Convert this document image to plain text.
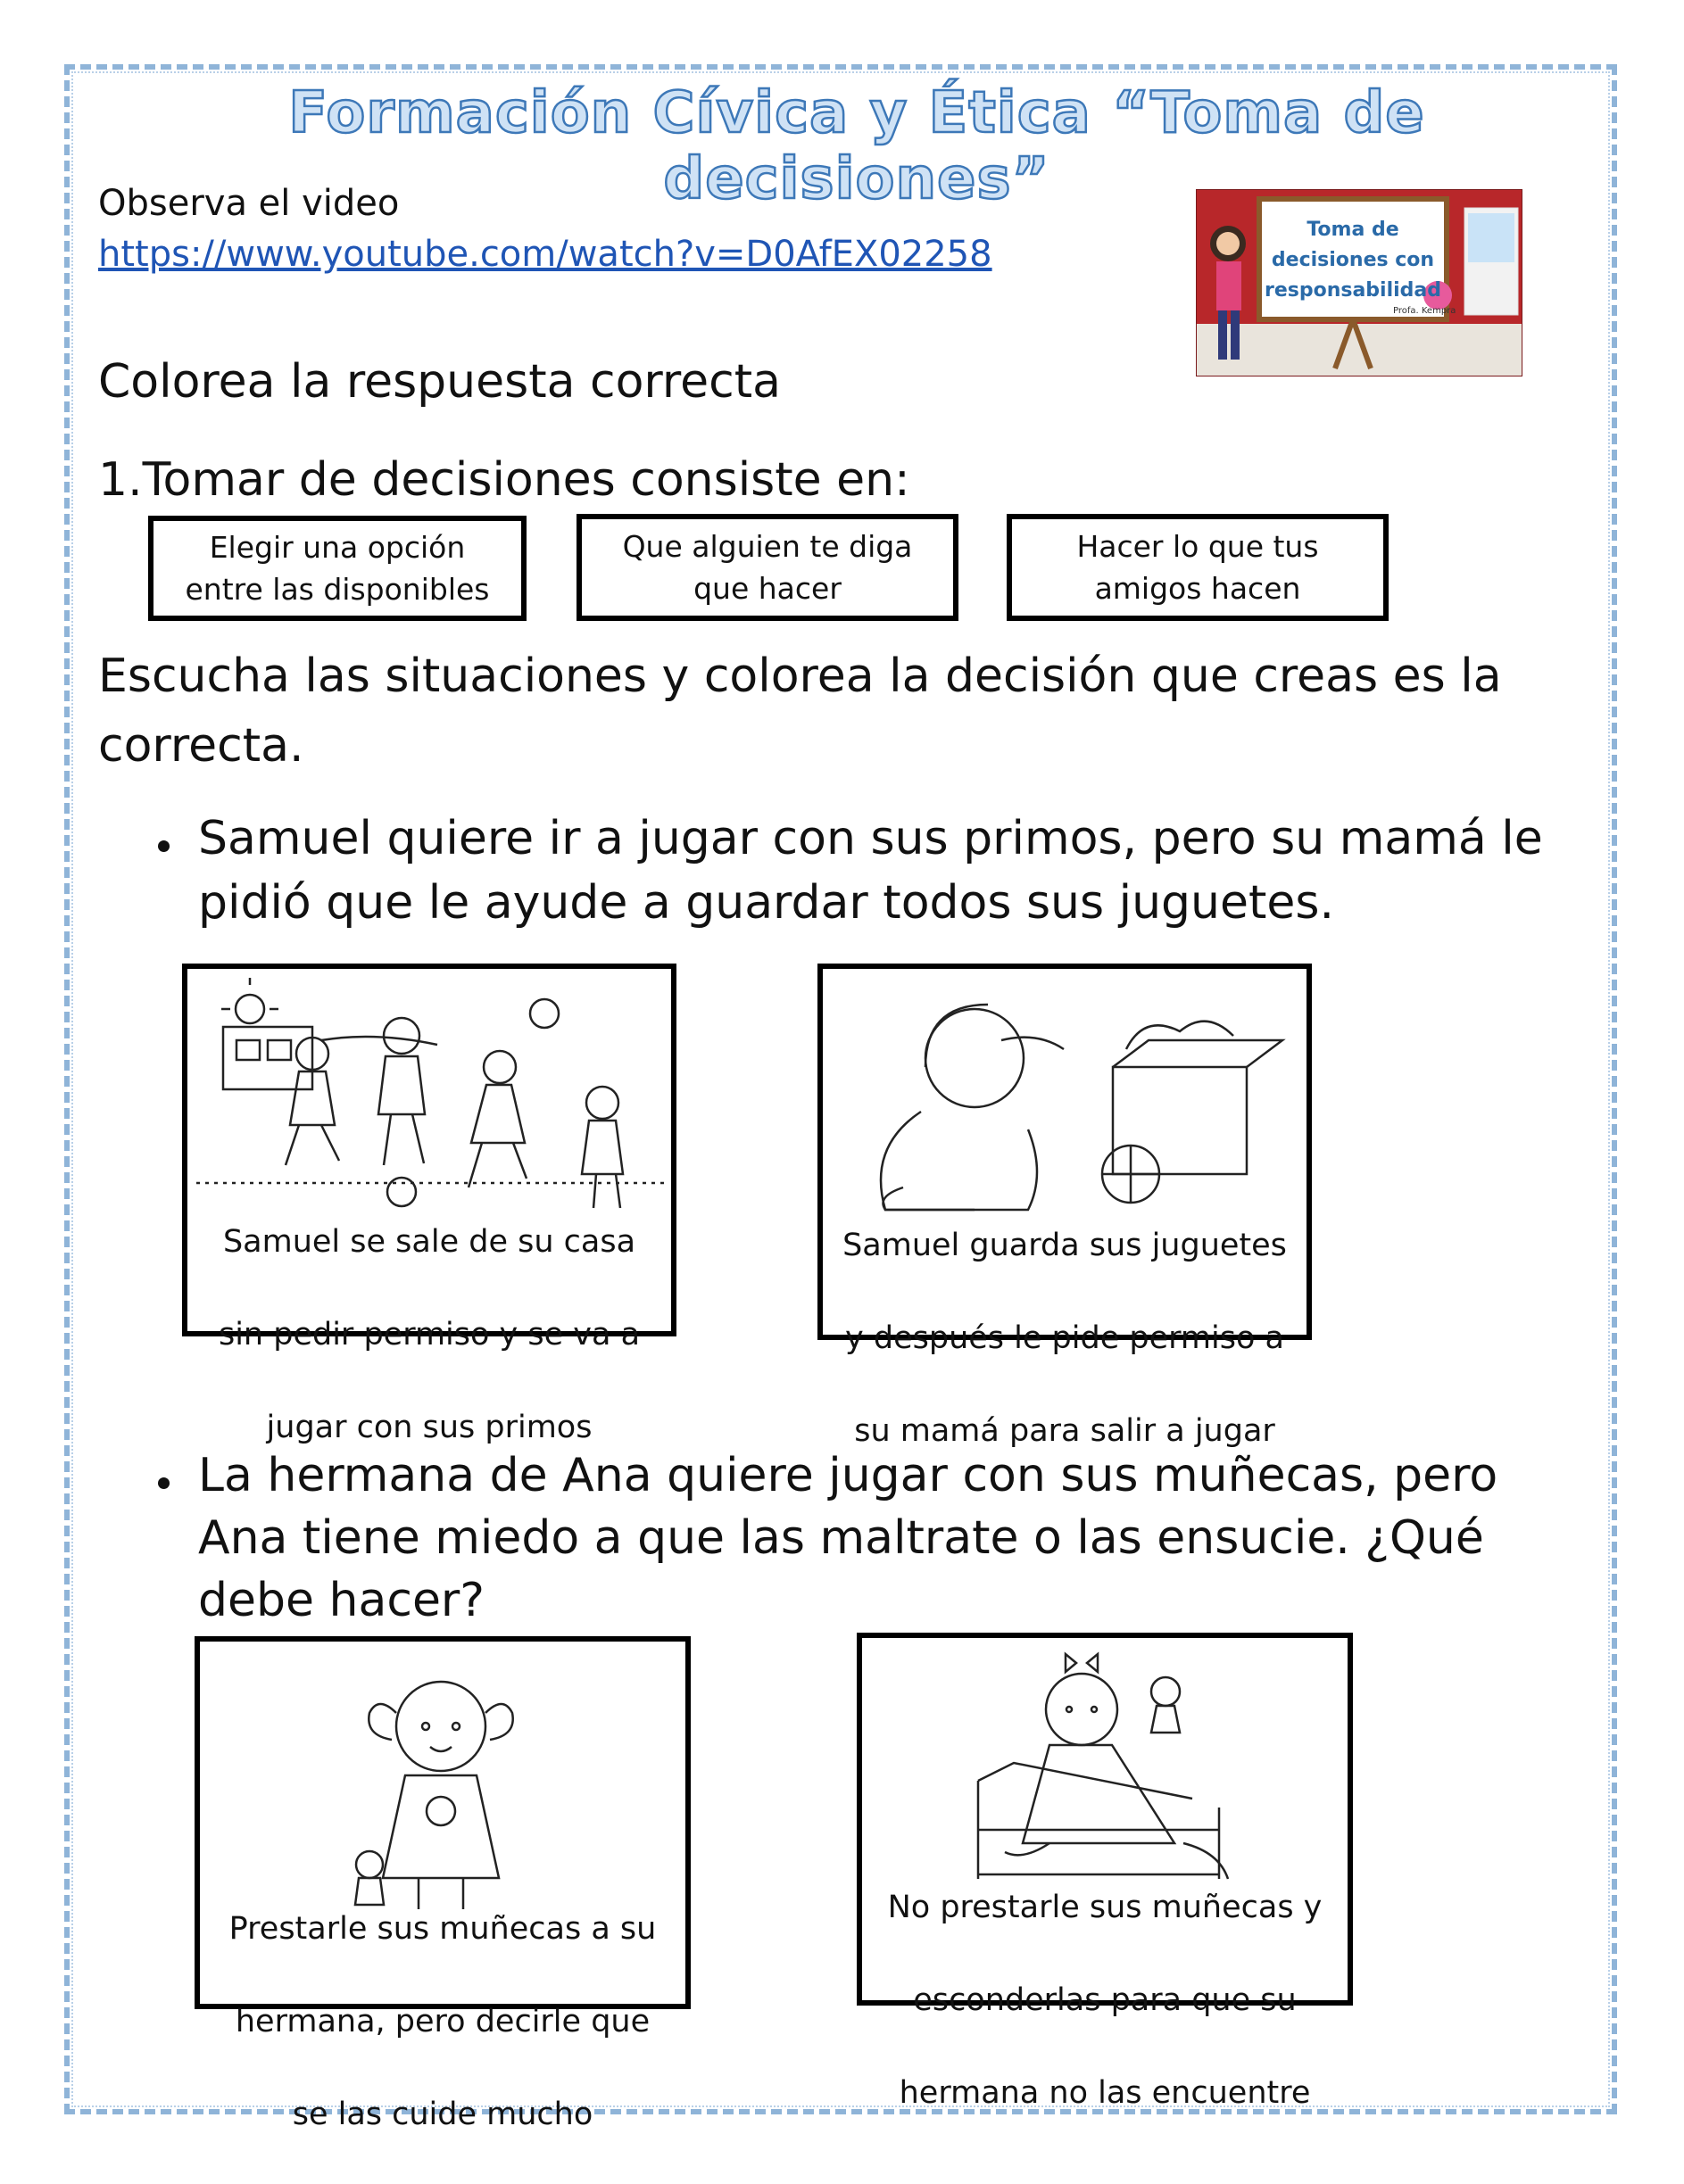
Formación Cívica y Ética “Toma de decisiones”

Observa el video

https://www.youtube.com/watch?v=D0AfEX02258

Toma de
decisiones con
responsabilidad
Profa. Kempra

Colorea la respuesta correcta

1.Tomar de decisiones consiste en:

Elegir una opción
entre las disponibles
Que alguien te diga
que hacer
Hacer lo que tus
amigos hacen

Escucha las situaciones y colorea la decisión que creas es la

correcta.

Samuel quiere ir a jugar con sus primos, pero su mamá le

pidió que le ayude a guardar todos sus juguetes.

Samuel se sale de su casa

sin pedir permiso y se va a

jugar con sus primos

Samuel guarda sus juguetes

y después le pide permiso a

su mamá para salir a jugar

La hermana de Ana quiere jugar con sus muñecas, pero

Ana tiene miedo a que las maltrate o las ensucie. ¿Qué

debe hacer?

Prestarle sus muñecas a su

hermana, pero decirle que

se las cuide mucho

No prestarle sus muñecas y

esconderlas para que su

hermana no las encuentre
